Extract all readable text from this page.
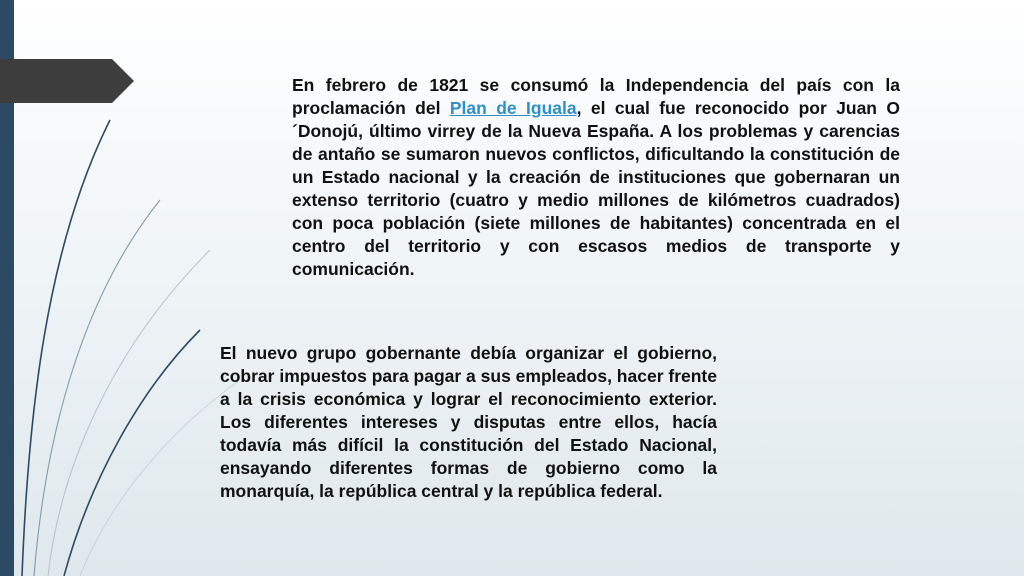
En febrero de 1821 se consumó la Independencia del país con la proclamación del Plan de Iguala, el cual fue reconocido por Juan O´Donojú, último virrey de la Nueva España. A los problemas y carencias de antaño se sumaron nuevos conflictos, dificultando la constitución de un Estado nacional y la creación de instituciones que gobernaran un extenso territorio (cuatro y medio millones de kilómetros cuadrados) con poca población (siete millones de habitantes) concentrada en el centro del territorio y con escasos medios de transporte y comunicación.

El nuevo grupo gobernante debía organizar el gobierno, cobrar impuestos para pagar a sus empleados, hacer frente a la crisis económica y lograr el reconocimiento exterior. Los diferentes intereses y disputas entre ellos, hacía todavía más difícil la constitución del Estado Nacional, ensayando diferentes formas de gobierno como la monarquía, la república central y la república federal.
